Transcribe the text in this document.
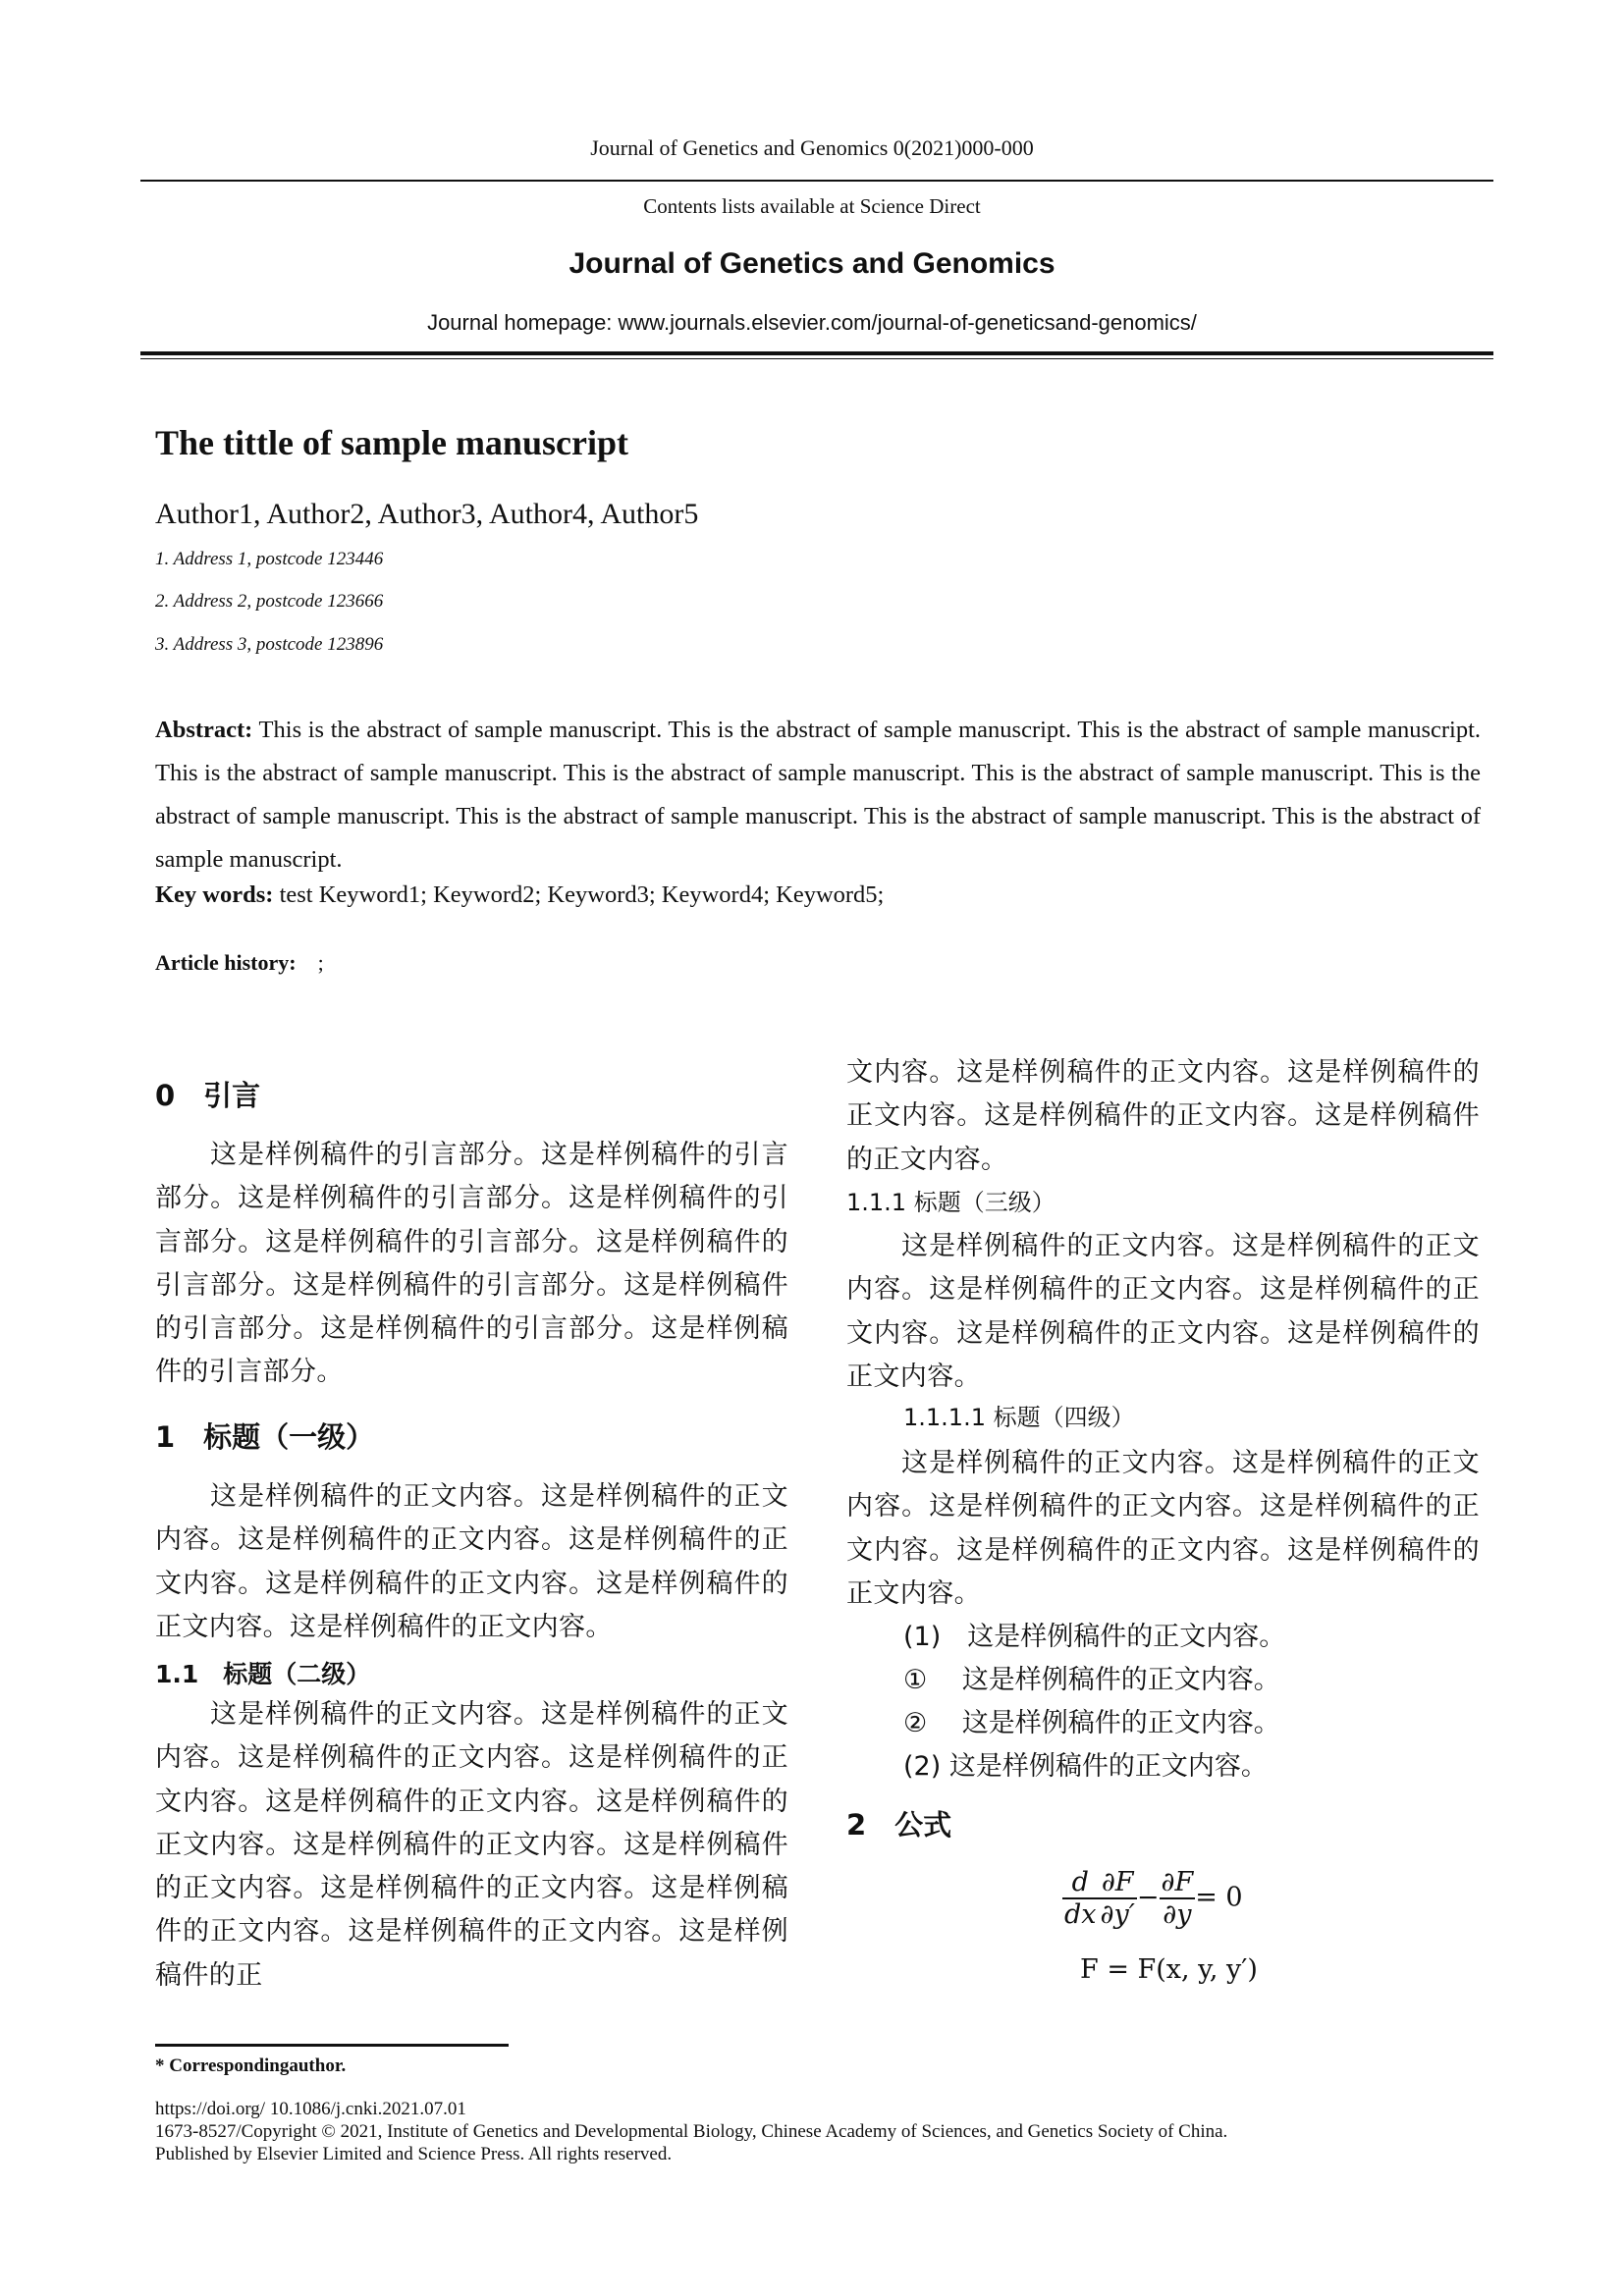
Journal of Genetics and Genomics 0(2021)000-000
Contents lists available at Science Direct
Journal of Genetics and Genomics
Journal homepage: www.journals.elsevier.com/journal-of-geneticsand-genomics/
The tittle of sample manuscript
Author1, Author2, Author3, Author4, Author5
1. Address 1, postcode 123446
2. Address 2, postcode 123666
3. Address 3, postcode 123896
Abstract: This is the abstract of sample manuscript. This is the abstract of sample manuscript. This is the abstract of sample manuscript. This is the abstract of sample manuscript. This is the abstract of sample manuscript. This is the abstract of sample manuscript. This is the abstract of sample manuscript. This is the abstract of sample manuscript. This is the abstract of sample manuscript. This is the abstract of sample manuscript.
Key words: test Keyword1; Keyword2; Keyword3; Keyword4; Keyword5;
Article history: ;
0　引言
这是样例稿件的引言部分。这是样例稿件的引言部分。这是样例稿件的引言部分。这是样例稿件的引言部分。这是样例稿件的引言部分。这是样例稿件的引言部分。这是样例稿件的引言部分。这是样例稿件的引言部分。这是样例稿件的引言部分。这是样例稿件的引言部分。
1　标题（一级）
这是样例稿件的正文内容。这是样例稿件的正文内容。这是样例稿件的正文内容。这是样例稿件的正文内容。这是样例稿件的正文内容。这是样例稿件的正文内容。这是样例稿件的正文内容。
1.1　标题（二级）
这是样例稿件的正文内容。这是样例稿件的正文内容。这是样例稿件的正文内容。这是样例稿件的正文内容。这是样例稿件的正文内容。这是样例稿件的正文内容。这是样例稿件的正文内容。这是样例稿件的正文内容。这是样例稿件的正文内容。这是样例稿件的正文内容。这是样例稿件的正文内容。这是样例稿件的正
文内容。这是样例稿件的正文内容。这是样例稿件的正文内容。这是样例稿件的正文内容。这是样例稿件的正文内容。
1.1.1 标题（三级）
这是样例稿件的正文内容。这是样例稿件的正文内容。这是样例稿件的正文内容。这是样例稿件的正文内容。这是样例稿件的正文内容。这是样例稿件的正文内容。
1.1.1.1 标题（四级）
这是样例稿件的正文内容。这是样例稿件的正文内容。这是样例稿件的正文内容。这是样例稿件的正文内容。这是样例稿件的正文内容。这是样例稿件的正文内容。
(1)　这是样例稿件的正文内容。
①　 这是样例稿件的正文内容。
②　 这是样例稿件的正文内容。
(2) 这是样例稿件的正文内容。
2　公式
$\frac{d}{dx} \frac{\partial F}{\partial y'} - \frac{\partial F}{\partial y} = 0$
F = F(x, y, y′)
* Correspondingauthor.
https://doi.org/ 10.1086/j.cnki.2021.07.01
1673-8527/Copyright © 2021, Institute of Genetics and Developmental Biology, Chinese Academy of Sciences, and Genetics Society of China.
Published by Elsevier Limited and Science Press. All rights reserved.
